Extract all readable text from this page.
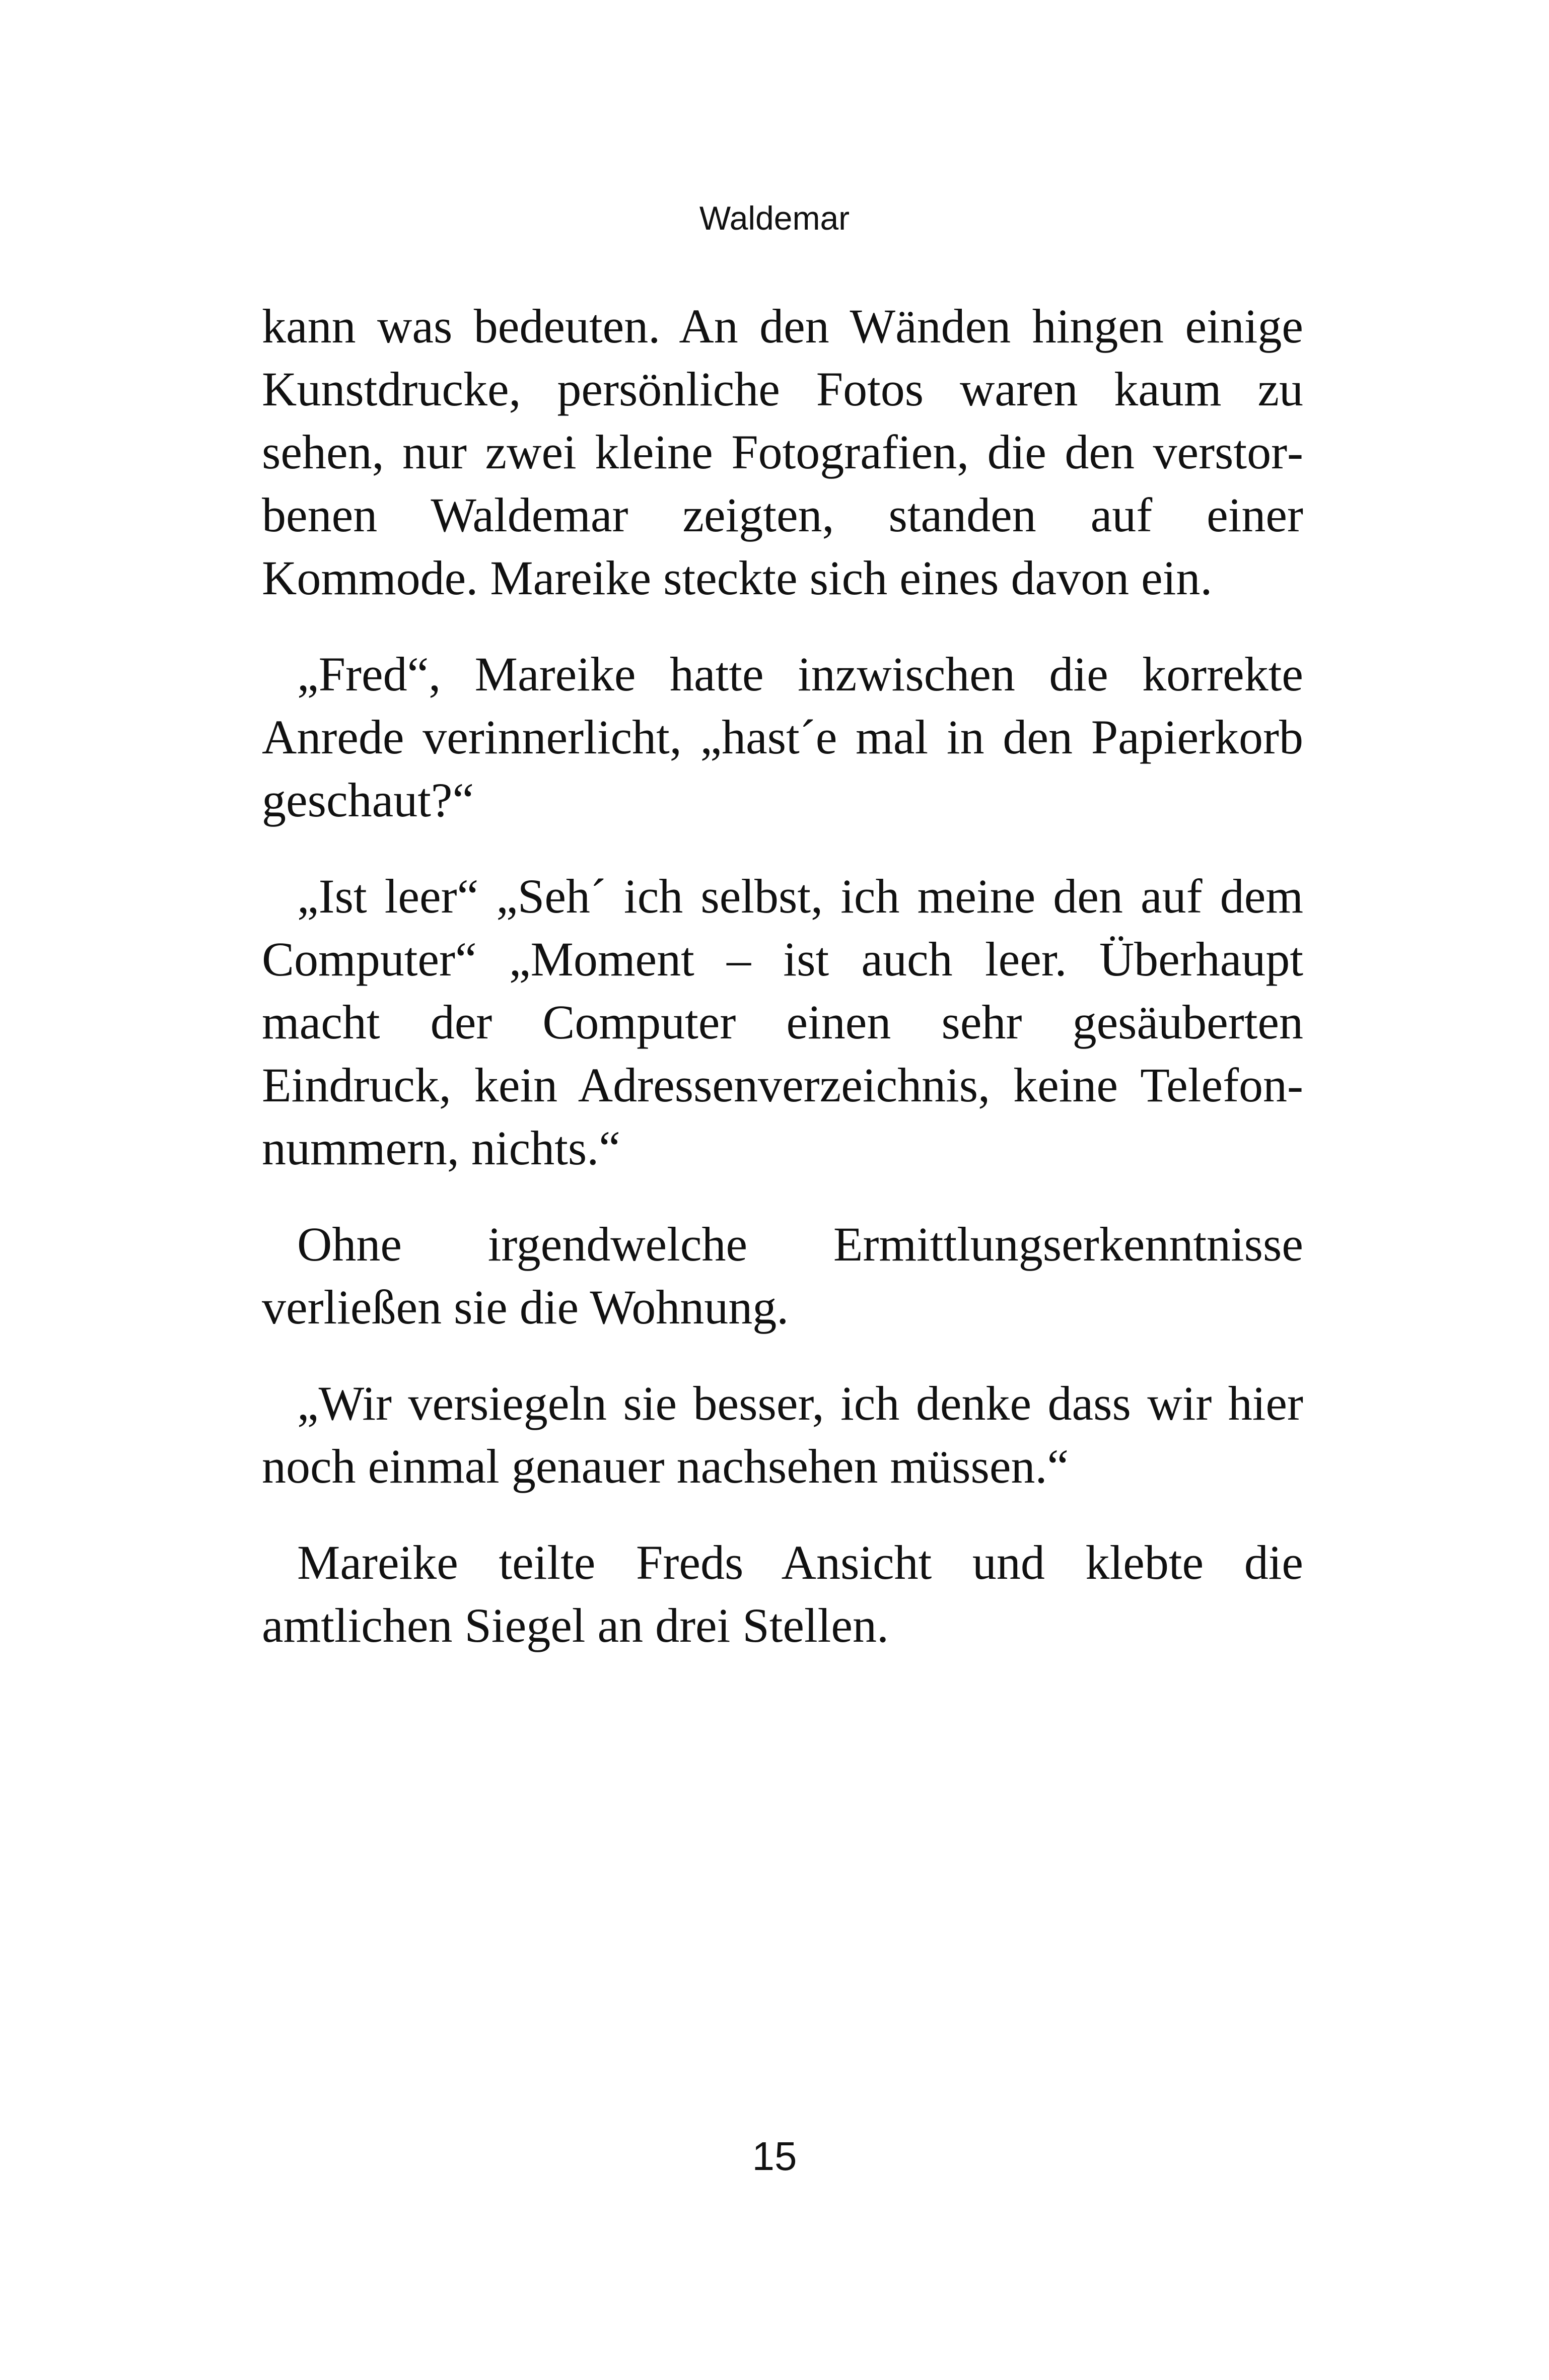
Waldemar

kann was bedeuten. An den Wänden hingen einige Kunstdrucke, persönliche Fotos waren kaum zu sehen, nur zwei kleine Fotografien, die den verstorbenen Waldemar zeigten, standen auf einer Kommode. Mareike steckte sich eines davon ein.

„Fred“, Mareike hatte inzwischen die korrekte Anrede verinnerlicht, „hast´e mal in den Papierkorb geschaut?“

„Ist leer“ „Seh´ ich selbst, ich meine den auf dem Computer“ „Moment – ist auch leer. Überhaupt macht der Computer einen sehr gesäuberten Eindruck, kein Adressenverzeichnis, keine Telefonnummern, nichts.“

Ohne irgendwelche Ermittlungserkenntnisse verließen sie die Wohnung.

„Wir versiegeln sie besser, ich denke dass wir hier noch einmal genauer nachsehen müssen.“

Mareike teilte Freds Ansicht und klebte die amtlichen Siegel an drei Stellen.

15
